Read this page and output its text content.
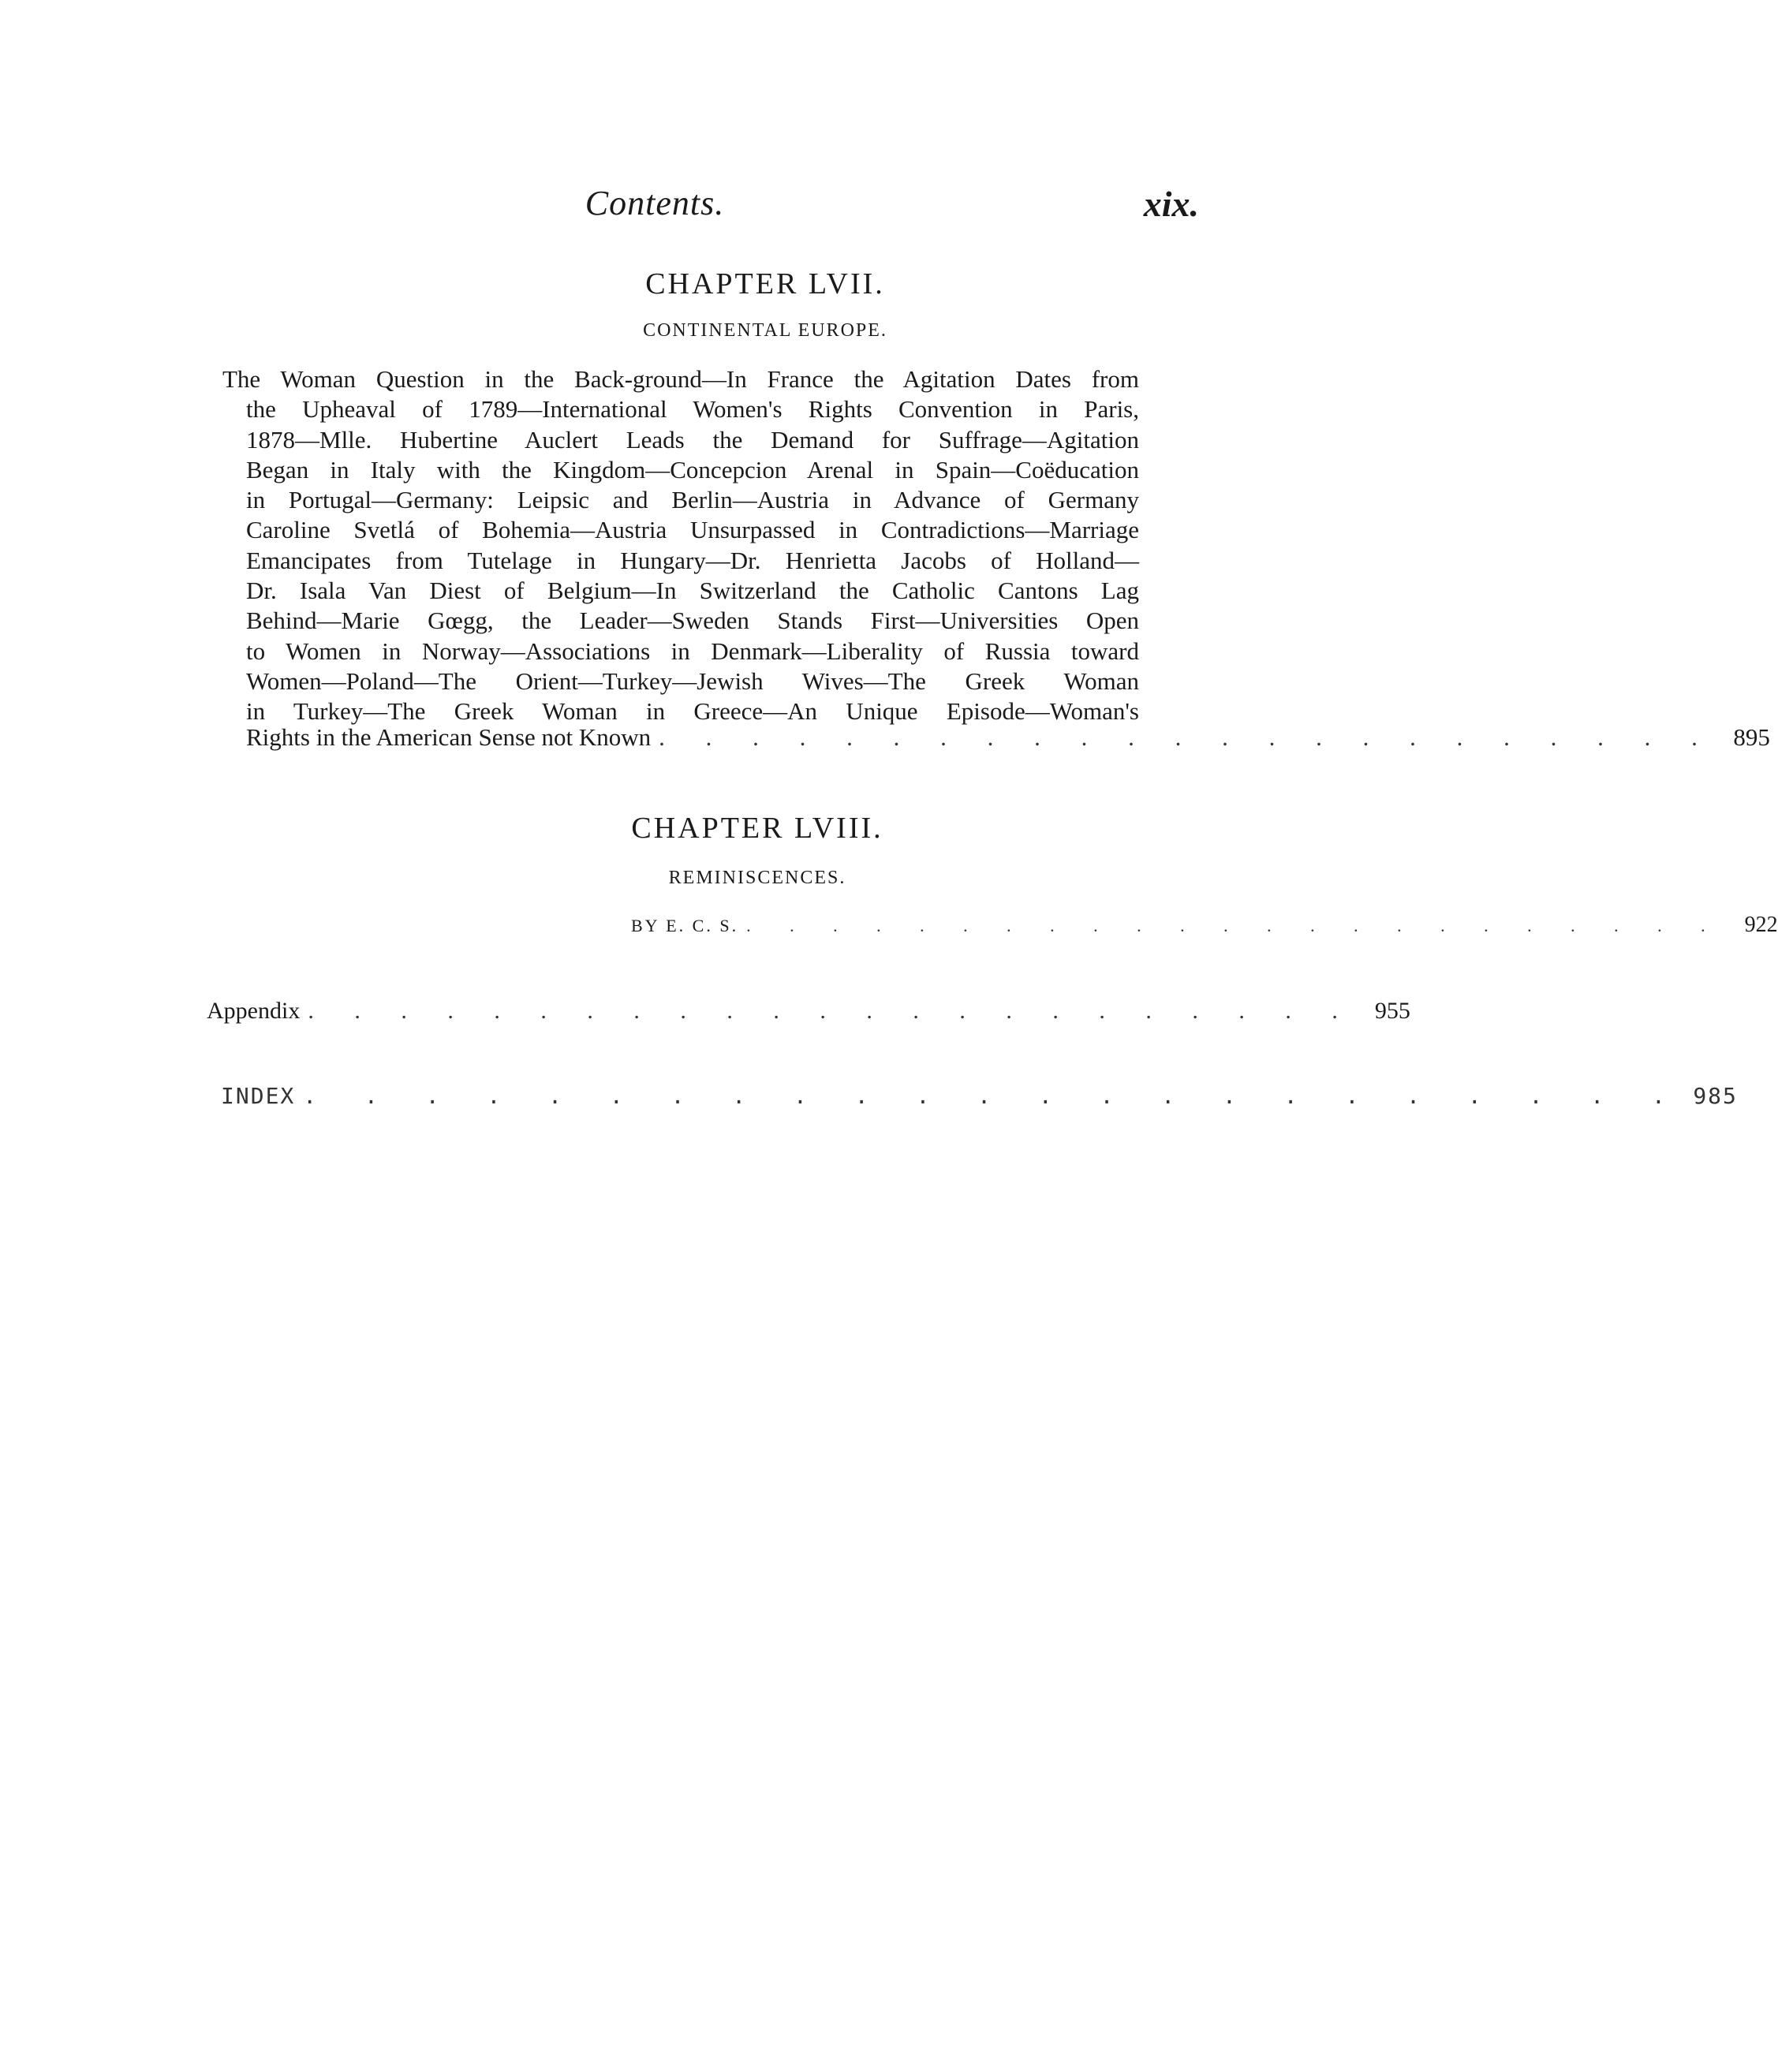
Contents.	xix.
CHAPTER LVII.
CONTINENTAL EUROPE.
The Woman Question in the Back-ground—In France the Agitation Dates from
the Upheaval of 1789—International Women's Rights Convention in Paris,
1878—Mlle. Hubertine Auclert Leads the Demand for Suffrage—Agitation
Began in Italy with the Kingdom—Concepcion Arenal in Spain—Coëducation
in Portugal—Germany: Leipsic and Berlin—Austria in Advance of Germany
Caroline Svetlá of Bohemia—Austria Unsurpassed in Contradictions—Marriage
Emancipates from Tutelage in Hungary—Dr. Henrietta Jacobs of Holland—
Dr. Isala Van Diest of Belgium—In Switzerland the Catholic Cantons Lag
Behind—Marie Gœgg, the Leader—Sweden Stands First—Universities Open
to Women in Norway—Associations in Denmark—Liberality of Russia toward
Women—Poland—The Orient—Turkey—Jewish Wives—The Greek Woman
in Turkey—The Greek Woman in Greece—An Unique Episode—Woman's
Rights in the American Sense not Known . . . . . . . . . . . . . . . . . . . . . . . 895
CHAPTER LVIII.
REMINISCENCES.
BY E. C. S. . . . . . . . . . . . . . . . . . . . . . . .	922
Appendix . . . . . . . . . . . . . . . . . . . . . . . 955
INDEX . . . . . . . . . . . . . . . . . . . . . . . 985
